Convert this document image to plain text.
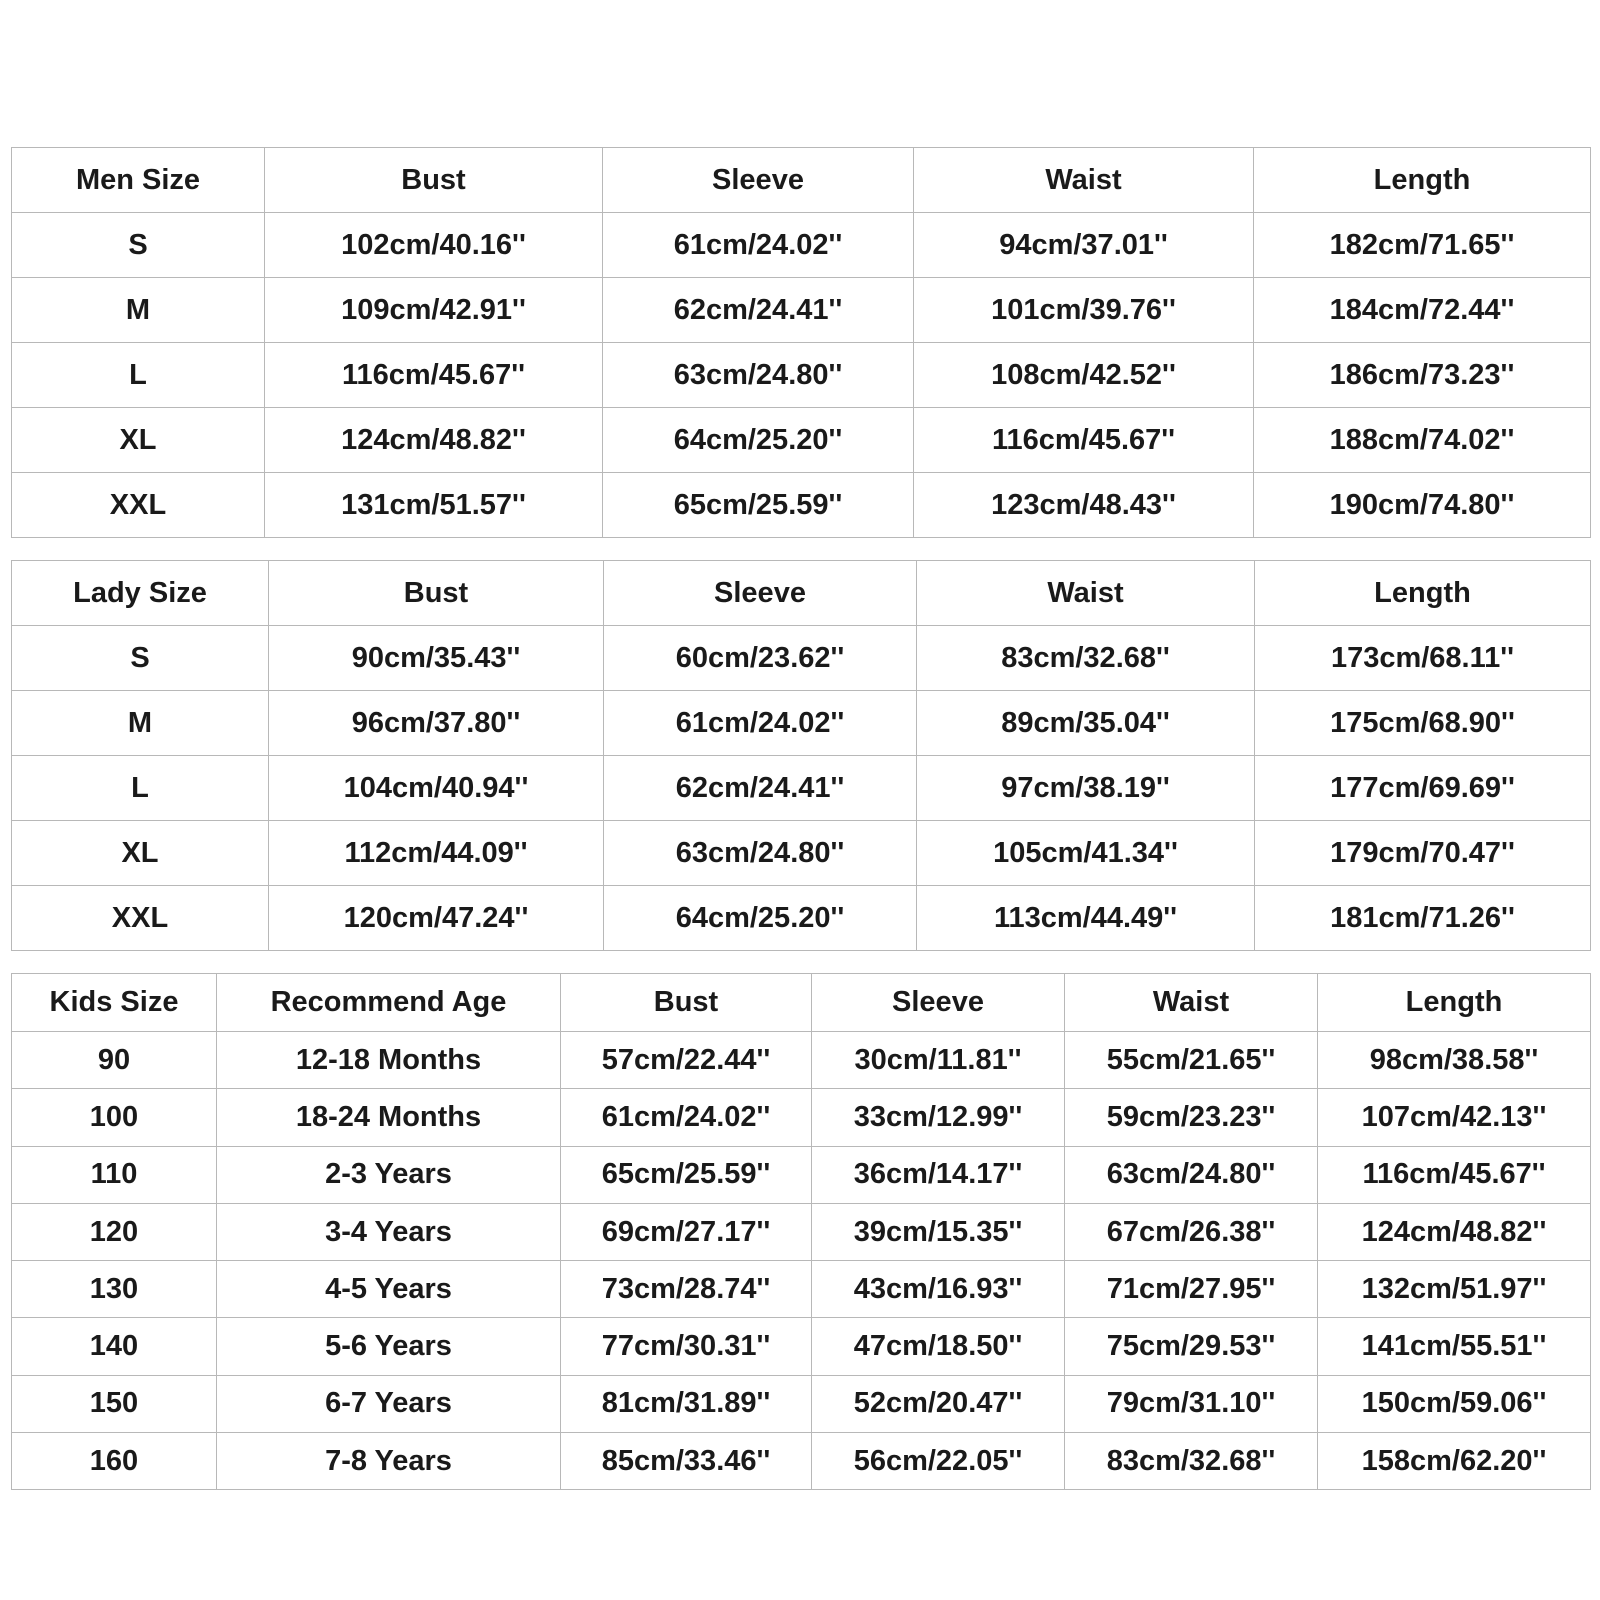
Men Size	Bust	Sleeve	Waist	Length
S	102cm/40.16''	61cm/24.02''	94cm/37.01''	182cm/71.65''
M	109cm/42.91''	62cm/24.41''	101cm/39.76''	184cm/72.44''
L	116cm/45.67''	63cm/24.80''	108cm/42.52''	186cm/73.23''
XL	124cm/48.82''	64cm/25.20''	116cm/45.67''	188cm/74.02''
XXL	131cm/51.57''	65cm/25.59''	123cm/48.43''	190cm/74.80''
Lady Size	Bust	Sleeve	Waist	Length
S	90cm/35.43''	60cm/23.62''	83cm/32.68''	173cm/68.11''
M	96cm/37.80''	61cm/24.02''	89cm/35.04''	175cm/68.90''
L	104cm/40.94''	62cm/24.41''	97cm/38.19''	177cm/69.69''
XL	112cm/44.09''	63cm/24.80''	105cm/41.34''	179cm/70.47''
XXL	120cm/47.24''	64cm/25.20''	113cm/44.49''	181cm/71.26''
Kids Size	Recommend Age	Bust	Sleeve	Waist	Length
90	12-18 Months	57cm/22.44''	30cm/11.81''	55cm/21.65''	98cm/38.58''
100	18-24 Months	61cm/24.02''	33cm/12.99''	59cm/23.23''	107cm/42.13''
110	2-3 Years	65cm/25.59''	36cm/14.17''	63cm/24.80''	116cm/45.67''
120	3-4 Years	69cm/27.17''	39cm/15.35''	67cm/26.38''	124cm/48.82''
130	4-5 Years	73cm/28.74''	43cm/16.93''	71cm/27.95''	132cm/51.97''
140	5-6 Years	77cm/30.31''	47cm/18.50''	75cm/29.53''	141cm/55.51''
150	6-7 Years	81cm/31.89''	52cm/20.47''	79cm/31.10''	150cm/59.06''
160	7-8 Years	85cm/33.46''	56cm/22.05''	83cm/32.68''	158cm/62.20''
